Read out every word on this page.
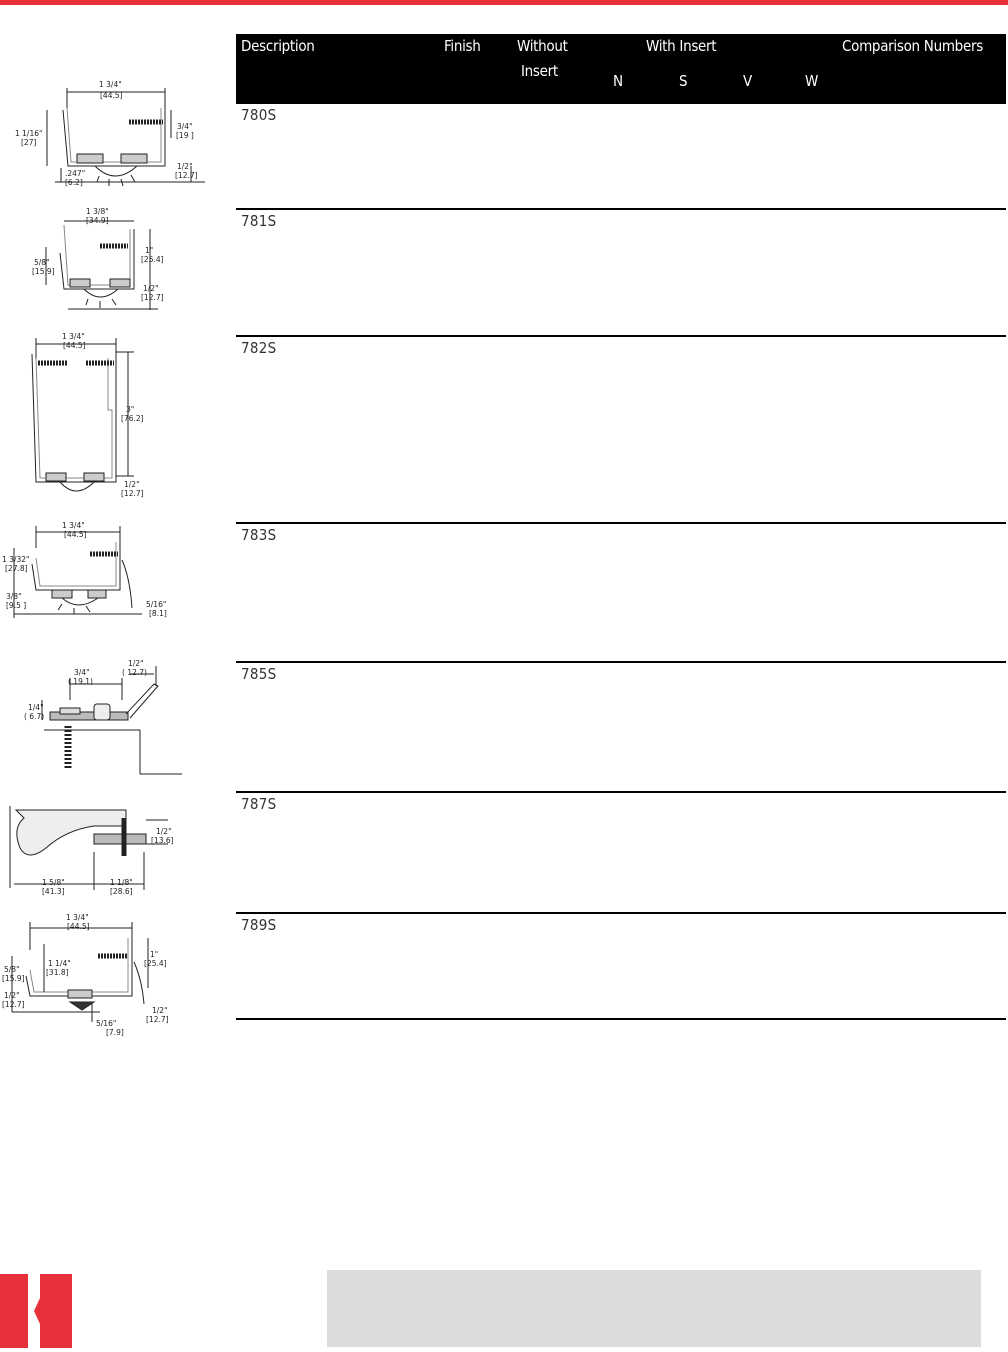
Description	Finish Without
Insert
With Insert	Comparison Numbers
N	S	V	W
780S
781S
782S
783S
785S
787S
789S
1 3/4"
[44.5]
1 1/16"
[27]
3/4"
[19 ]
.247"
[6.2]
1/2"
[12.7]
1 3/8"
[34.9]
5/8"
[15.9]
1"
[25.4]
1/2"
[12.7]
1 3/4"
[44.5]
3"
[76.2]
1/2"
[12.7]
1 3/4"
[44.5]
1 3/32"
[27.8]
3/8"
[9.5 ]	5/16"
[8.1]
3/4"
( 19.1)
1/2"
( 12.7)
1/4"
( 6.7)
1/2"
[13.6]
1 5/8"
[41.3]
1 1/8"
[28.6]
1 3/4"
[44.5]
1 1/4"
[31.8]
5/8"
[15.9]
1"
[25.4]
1/2"
[12.7]
5/16"
[7.9]
1/2"
[12.7]
